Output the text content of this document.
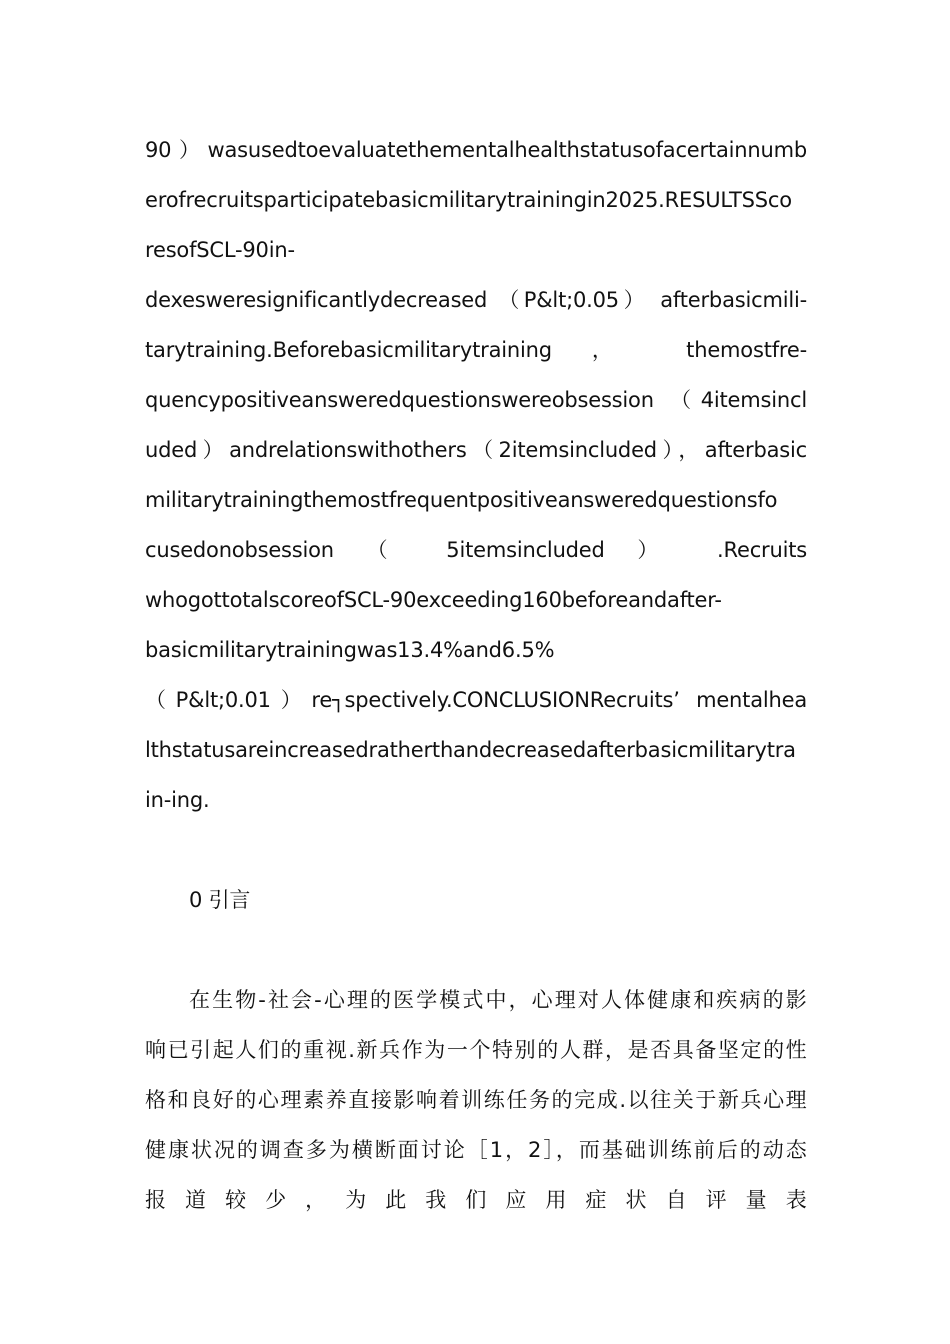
90）wasusedtoevaluatethementalhealthstatusofacertainnumb
erofrecruitsparticipatebasicmilitarytrainingin2025.RESULTSSco
resofSCL-90in-
dexesweresignificantlydecreased （P&lt;0.05） afterbasicmili-
tarytraining.Beforebasicmilitarytraining ， themostfre-
quencypositiveansweredquestionswereobsession （4itemsincl
uded）andrelationswithothers（2itemsincluded），afterbasic
militarytrainingthemostfrequentpositiveansweredquestionsfo
cusedonobsession （ 5itemsincluded ） .Recruits
whogottotalscoreofSCL-90exceeding160beforeandafter-
basicmilitarytrainingwas13.4%and6.5%
（P&lt;0.01）re┐spectively.CONCLUSIONRecruits’ mentalhea
lthstatusareincreasedratherthandecreasedafterbasicmilitarytra
in-ing.
0 引言
在生物-社会-心理的医学模式中，心理对人体健康和疾病的影
响已引起人们的重视.新兵作为一个特别的人群，是否具备坚定的性
格和良好的心理素养直接影响着训练任务的完成.以往关于新兵心理
健康状况的调查多为横断面讨论［1，2］，而基础训练前后的动态
报 道 较 少 ， 为 此 我 们 应 用 症 状 自 评 量 表
